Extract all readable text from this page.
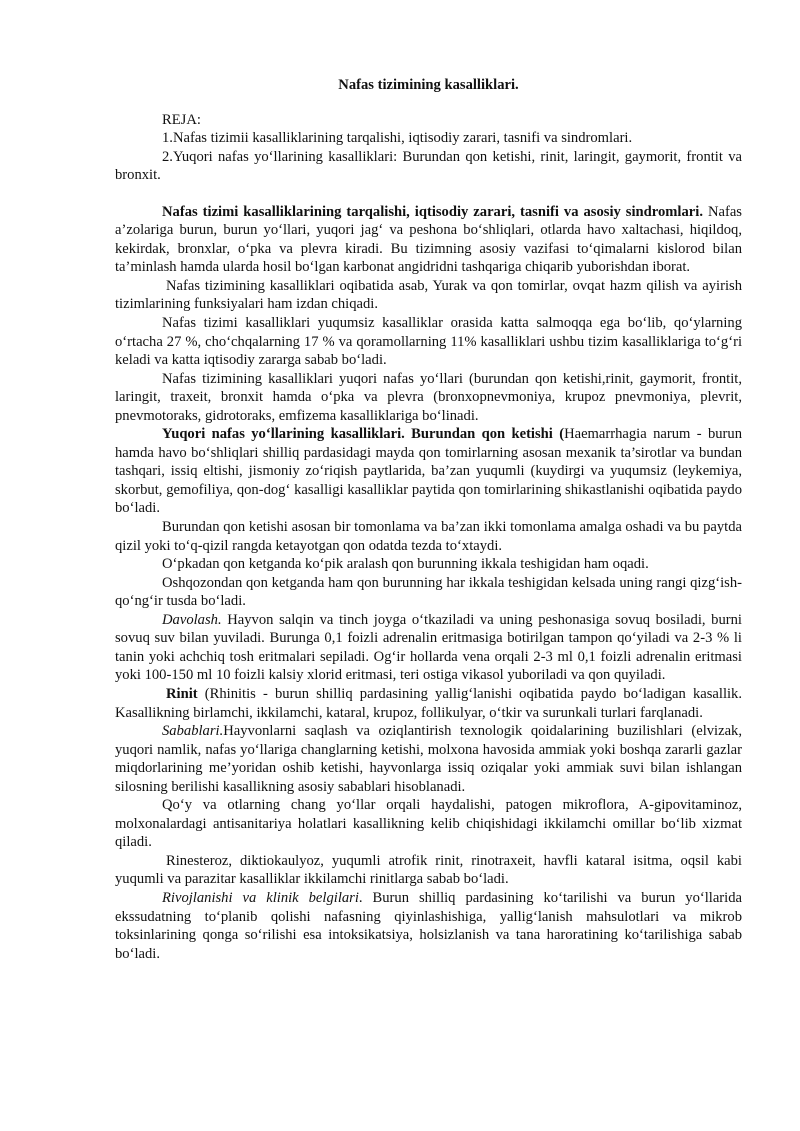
Nafas tizimining kasalliklari.

REJA:

1.Nafas tizimii kasalliklarining tarqalishi, iqtisodiy zarari, tasnifi va sindromlari.

2.Yuqori nafas yo‘llarining kasalliklari: Burundan qon ketishi, rinit, laringit, gaymorit, frontit va bronxit.

Nafas tizimi kasalliklarining tarqalishi, iqtisodiy zarari, tasnifi va asosiy sindromlari. Nafas a’zolariga burun, burun yo‘llari, yuqori jag‘ va peshona bo‘shliqlari, otlarda havo xaltachasi, hiqildoq, kekirdak, bronxlar, o‘pka va plevra kiradi. Bu tizimning asosiy vazifasi to‘qimalarni kislorod bilan ta’minlash hamda ularda hosil bo‘lgan karbonat angidridni tashqariga chiqarib yuborishdan iborat.

Nafas tizimining kasalliklari oqibatida asab, Yurak va qon tomirlar, ovqat hazm qilish va ayirish tizimlarining funksiyalari ham izdan chiqadi.

Nafas tizimi kasalliklari yuqumsiz kasalliklar orasida katta salmoqqa ega bo‘lib, qo‘ylarning o‘rtacha 27 %, cho‘chqalarning 17 % va qoramollarning 11% kasalliklari ushbu tizim kasalliklariga to‘g‘ri keladi va katta iqtisodiy zararga sabab bo‘ladi.

Nafas tizimining kasalliklari yuqori nafas yo‘llari (burundan qon ketishi,rinit, gaymorit, frontit, laringit, traxeit, bronxit hamda o‘pka va plevra (bronxopnevmoniya, krupoz pnevmoniya, plevrit, pnevmotoraks, gidrotoraks, emfizema kasalliklariga bo‘linadi.

Yuqori nafas yo‘llarining kasalliklari. Burundan qon ketishi (Haemarrhagia narum - burun hamda havo bo‘shliqlari shilliq pardasidagi mayda qon tomirlarning asosan mexanik ta’sirotlar va bundan tashqari, issiq eltishi, jismoniy zo‘riqish paytlarida, ba’zan yuqumli (kuydirgi va yuqumsiz (leykemiya, skorbut, gemofiliya, qon-dog‘ kasalligi kasalliklar paytida qon tomirlarining shikastlanishi oqibatida paydo bo‘ladi.

Burundan qon ketishi asosan bir tomonlama va ba’zan ikki tomonlama amalga oshadi va bu paytda qizil yoki to‘q-qizil rangda ketayotgan qon odatda tezda to‘xtaydi.

O‘pkadan qon ketganda ko‘pik aralash qon burunning ikkala teshigidan ham oqadi.

Oshqozondan qon ketganda ham qon burunning har ikkala teshigidan kelsada uning rangi qizg‘ish-qo‘ng‘ir tusda bo‘ladi.

Davolash. Hayvon salqin va tinch joyga o‘tkaziladi va uning peshonasiga sovuq bosiladi, burni sovuq suv bilan yuviladi. Burunga 0,1 foizli adrenalin eritmasiga botirilgan tampon qo‘yiladi va 2-3 % li tanin yoki achchiq tosh eritmalari sepiladi. Og‘ir hollarda vena orqali 2-3 ml 0,1 foizli adrenalin eritmasi yoki 100-150 ml 10 foizli kalsiy xlorid eritmasi, teri ostiga vikasol yuboriladi va qon quyiladi.

Rinit (Rhinitis - burun shilliq pardasining yallig‘lanishi oqibatida paydo bo‘ladigan kasallik. Kasallikning birlamchi, ikkilamchi, kataral, krupoz, follikulyar, o‘tkir va surunkali turlari farqlanadi.

Sabablari.Hayvonlarni saqlash va oziqlantirish texnologik qoidalarining buzilishlari (elvizak, yuqori namlik, nafas yo‘llariga changlarning ketishi, molxona havosida ammiak yoki boshqa zararli gazlar miqdorlarining me’yoridan oshib ketishi, hayvonlarga issiq oziqalar yoki ammiak suvi bilan ishlangan silosning berilishi kasallikning asosiy sabablari hisoblanadi.

Qo‘y va otlarning chang yo‘llar orqali haydalishi, patogen mikroflora, A-gipovitaminoz, molxonalardagi antisanitariya holatlari kasallikning kelib chiqishidagi ikkilamchi omillar bo‘lib xizmat qiladi.

Rinesteroz, diktiokaulyoz, yuqumli atrofik rinit, rinotraxeit, havfli kataral isitma, oqsil kabi yuqumli va parazitar kasalliklar ikkilamchi rinitlarga sabab bo‘ladi.

Rivojlanishi va klinik belgilari. Burun shilliq pardasining ko‘tarilishi va burun yo‘llarida ekssudatning to‘planib qolishi nafasning qiyinlashishiga, yallig‘lanish mahsulotlari va mikrob toksinlarining qonga so‘rilishi esa intoksikatsiya, holsizlanish va tana haroratining ko‘tarilishiga sabab bo‘ladi.
